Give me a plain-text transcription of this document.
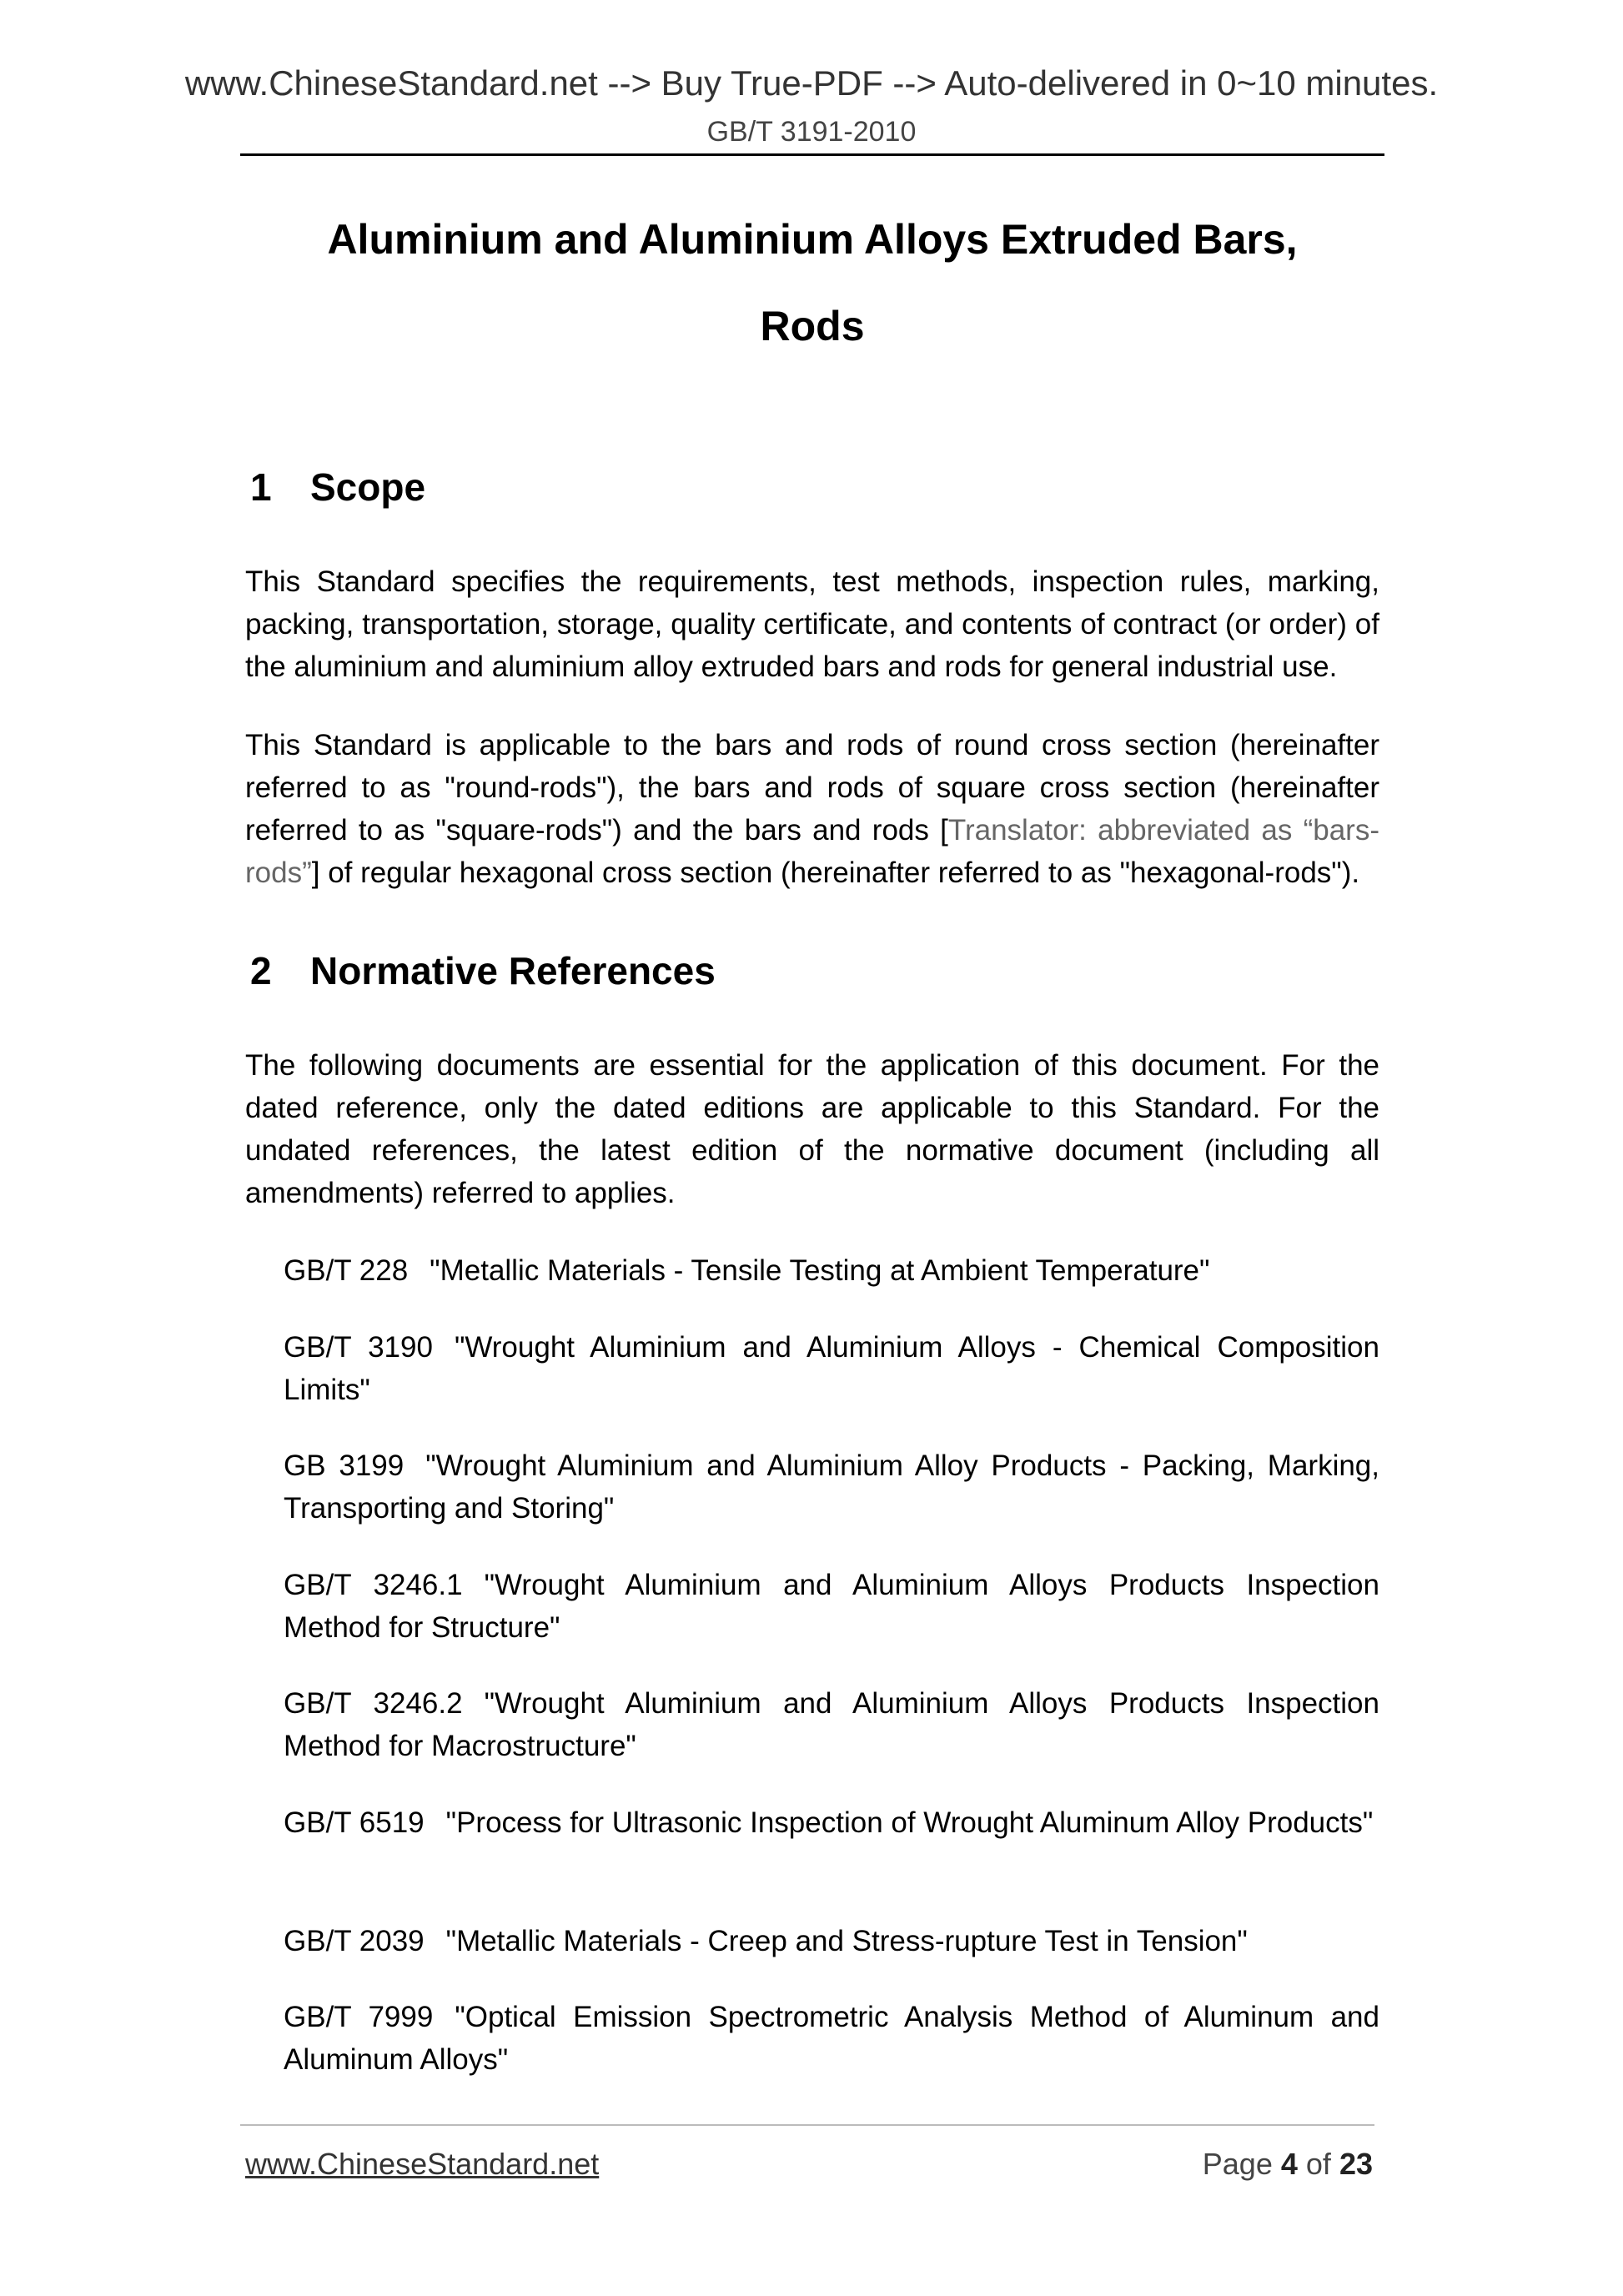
www.ChineseStandard.net --> Buy True-PDF --> Auto-delivered in 0~10 minutes.
GB/T 3191-2010
Aluminium and Aluminium Alloys Extruded Bars,
Rods
1 Scope
This Standard specifies the requirements, test methods, inspection rules, marking, packing, transportation, storage, quality certificate, and contents of contract (or order) of the aluminium and aluminium alloy extruded bars and rods for general industrial use.
This Standard is applicable to the bars and rods of round cross section (hereinafter referred to as "round-rods"), the bars and rods of square cross section (hereinafter referred to as "square-rods") and the bars and rods [Translator: abbreviated as “bars-rods”] of regular hexagonal cross section (hereinafter referred to as "hexagonal-rods").
2 Normative References
The following documents are essential for the application of this document. For the dated reference, only the dated editions are applicable to this Standard. For the undated references, the latest edition of the normative document (including all amendments) referred to applies.
GB/T 228 "Metallic Materials - Tensile Testing at Ambient Temperature"
GB/T 3190 "Wrought Aluminium and Aluminium Alloys - Chemical Composition Limits"
GB 3199 "Wrought Aluminium and Aluminium Alloy Products - Packing, Marking, Transporting and Storing"
GB/T 3246.1 "Wrought Aluminium and Aluminium Alloys Products Inspection Method for Structure"
GB/T 3246.2 "Wrought Aluminium and Aluminium Alloys Products Inspection Method for Macrostructure"
GB/T 6519 "Process for Ultrasonic Inspection of Wrought Aluminum Alloy Products"
GB/T 2039 "Metallic Materials - Creep and Stress-rupture Test in Tension"
GB/T 7999 "Optical Emission Spectrometric Analysis Method of Aluminum and Aluminum Alloys"
www.ChineseStandard.net	Page 4 of 23
